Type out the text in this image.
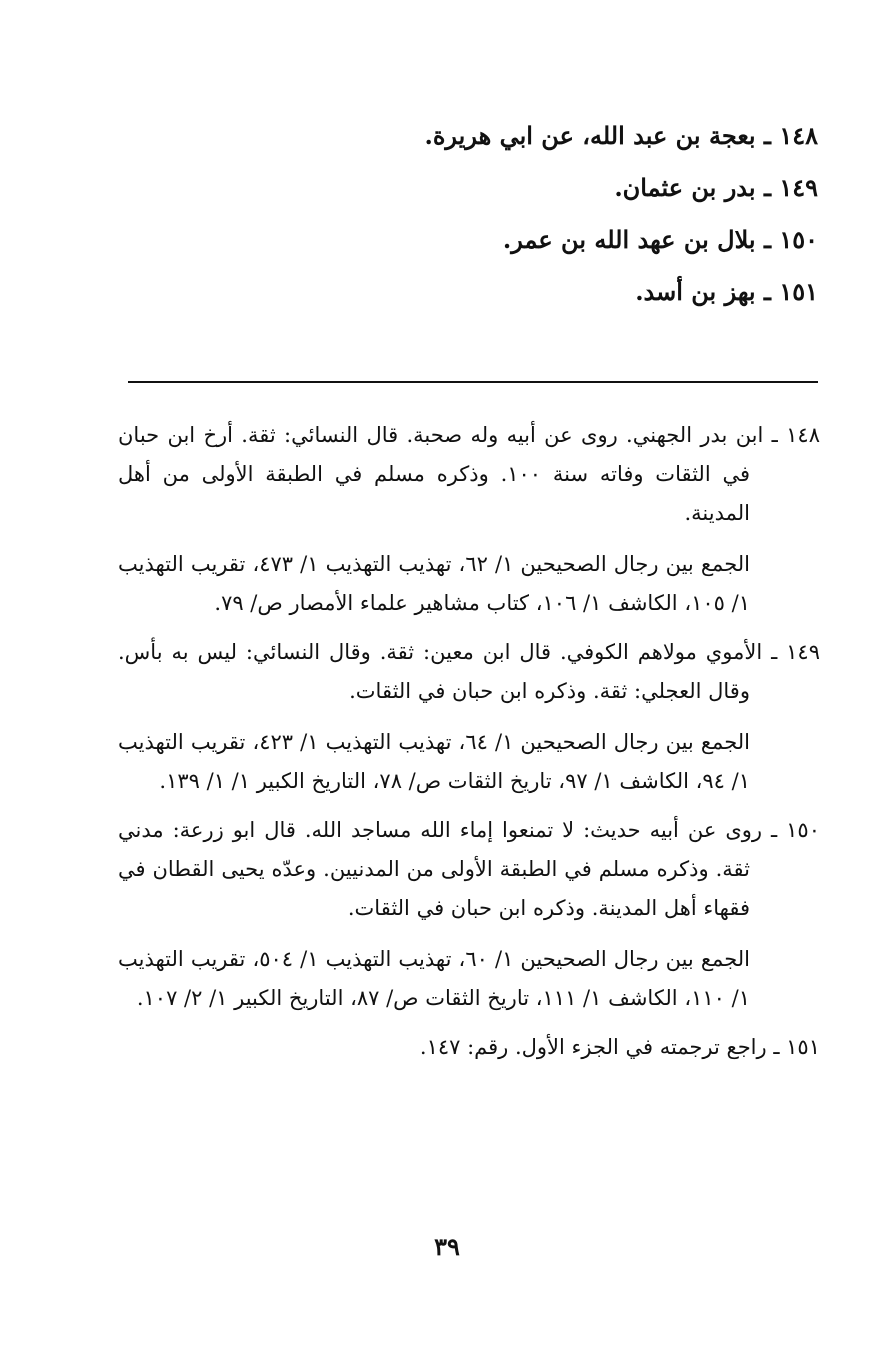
١٤٨ ـ بعجة بن عبد الله، عن ابي هريرة.
١٤٩ ـ بدر بن عثمان.
١٥٠ ـ بلال بن عهد الله بن عمر.
١٥١ ـ بهز بن أسد.

١٤٨ ـ ابن بدر الجهني. روى عن أبيه وله صحبة. قال النسائي: ثقة. أرخ ابن حبان في الثقات وفاته سنة ١٠٠. وذكره مسلم في الطبقة الأولى من أهل المدينة.

الجمع بين رجال الصحيحين ١/ ٦٢، تهذيب التهذيب ١/ ٤٧٣، تقريب التهذيب ١/ ١٠٥، الكاشف ١/ ١٠٦، كتاب مشاهير علماء الأمصار ص/ ٧٩.

١٤٩ ـ الأموي مولاهم الكوفي. قال ابن معين: ثقة. وقال النسائي: ليس به بأس. وقال العجلي: ثقة. وذكره ابن حبان في الثقات.

الجمع بين رجال الصحيحين ١/ ٦٤، تهذيب التهذيب ١/ ٤٢٣، تقريب التهذيب ١/ ٩٤، الكاشف ١/ ٩٧، تاريخ الثقات ص/ ٧٨، التاريخ الكبير ١/ ١/ ١٣٩.

١٥٠ ـ روى عن أبيه حديث: لا تمنعوا إماء الله مساجد الله. قال ابو زرعة: مدني ثقة. وذكره مسلم في الطبقة الأولى من المدنيين. وعدّه يحيى القطان في فقهاء أهل المدينة. وذكره ابن حبان في الثقات.

الجمع بين رجال الصحيحين ١/ ٦٠، تهذيب التهذيب ١/ ٥٠٤، تقريب التهذيب ١/ ١١٠، الكاشف ١/ ١١١، تاريخ الثقات ص/ ٨٧، التاريخ الكبير ١/ ٢/ ١٠٧.

١٥١ ـ راجع ترجمته في الجزء الأول. رقم: ١٤٧.

٣٩
